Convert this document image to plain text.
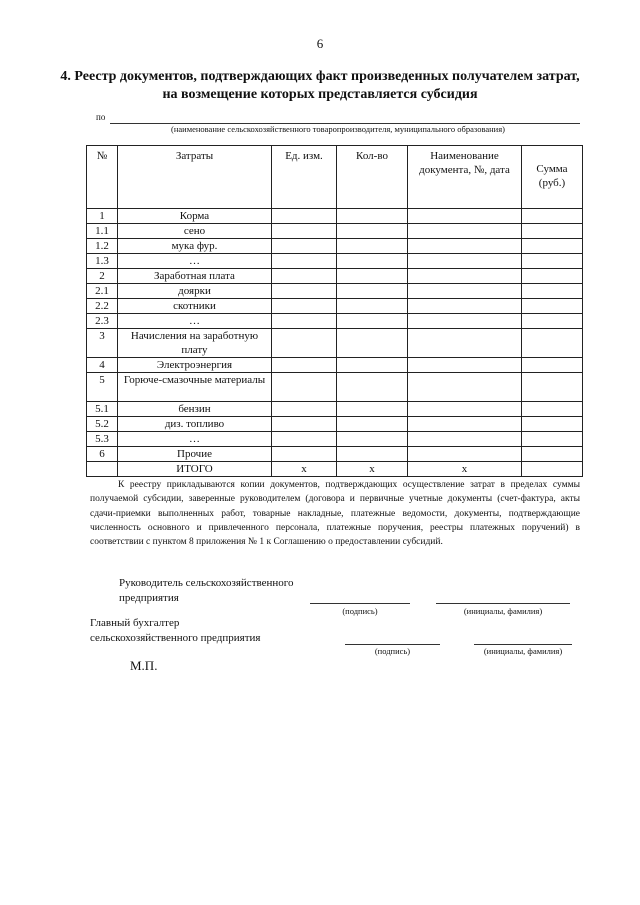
6
4. Реестр документов, подтверждающих факт произведенных получателем затрат, на возмещение которых представляется субсидия
по
(наименование сельскохозяйственного товаропроизводителя, муниципального образования)
№	Затраты	Ед. изм.	Кол-во	Наименование документа, №, дата	Сумма (руб.)
1	Корма				
1.1	сено				
1.2	мука фур.				
1.3	…				
2	Заработная плата				
2.1	доярки				
2.2	скотники				
2.3	…				
3	Начисления на заработную плату				
4	Электроэнергия				
5	Горюче-смазочные материалы				
5.1	бензин				
5.2	диз. топливо				
5.3	…				
6	Прочие				
	ИТОГО	х	х	х	
К реестру прикладываются копии документов, подтверждающих осуществление затрат в пределах суммы получаемой субсидии, заверенные руководителем (договора и первичные учетные документы (счет-фактура, акты сдачи-приемки выполненных работ, товарные накладные, платежные ведомости, документы, подтверждающие численность основного и привлеченного персонала, платежные поручения, реестры платежных поручений) в соответствии с пунктом 8 приложения № 1 к Соглашению о предоставлении субсидий.
Руководитель сельскохозяйственного
предприятия
(подпись)	(инициалы, фамилия)
Главный бухгалтер
сельскохозяйственного предприятия
(подпись)	(инициалы, фамилия)
М.П.
